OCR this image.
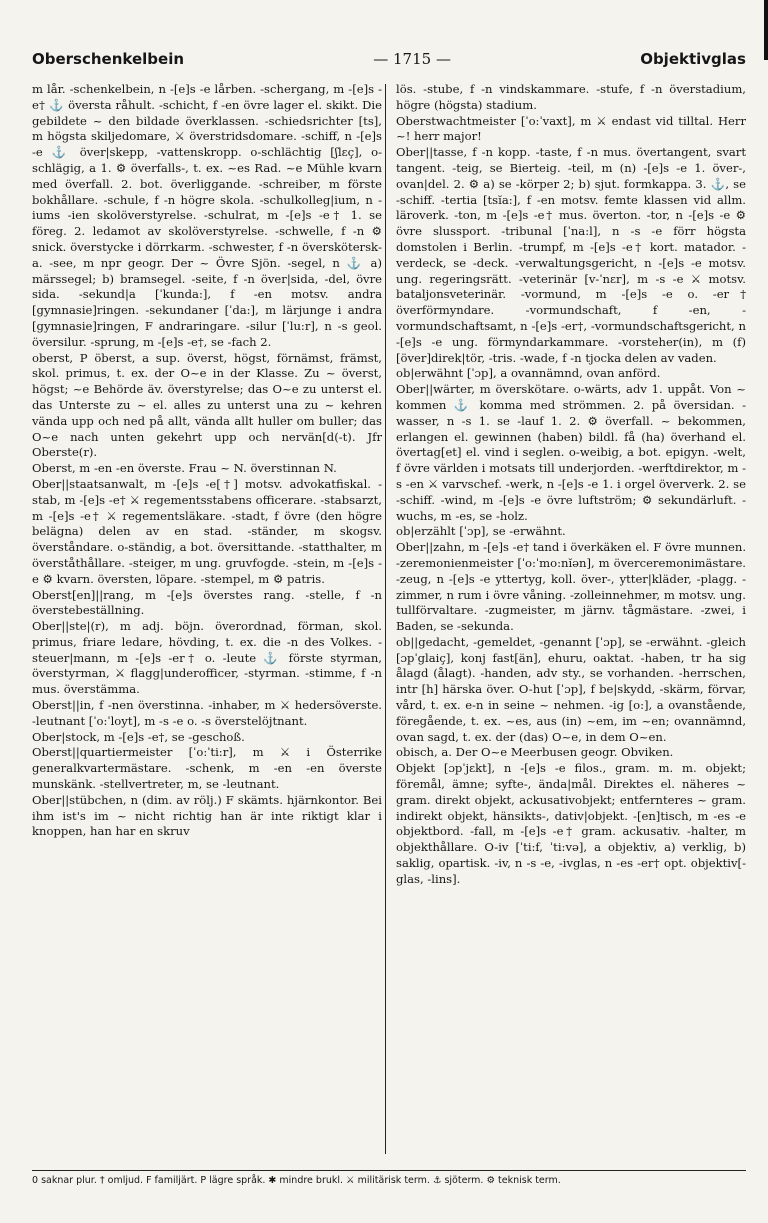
Oberschenkelbein	— 1715 —	Objektivglas

m lår. -schenkelbein, n -[e]s -e lårben. -schergang, m -[e]s -e† ⚓ översta råhult. -schicht, f -en övre lager el. skikt. Die gebildete ~ den bildade överklassen. -schiedsrichter [ts], m högsta skiljedomare, ⚔ överstridsdomare. -schiff, n -[e]s -e ⚓ över|skepp, -vattenskropp. o-schlächtig [ʃlɛç], o-schlägig, a 1. ⚙ överfalls-, t. ex. ~es Rad. ~e Mühle kvarn med överfall. 2. bot. överliggande. -schreiber, m förste bokhållare. -schule, f -n högre skola. -schulkolleg|ium, n -iums -ien skolöverstyrelse. -schulrat, m -[e]s -e† 1. se föreg. 2. ledamot av skolöverstyrelse. -schwelle, f -n ⚙ snick. överstycke i dörrkarm. -schwester, f -n översköterska. -see, m npr geogr. Der ~ Övre Sjön. -segel, n ⚓ a) märssegel; b) bramsegel. -seite, f -n över|sida, -del, övre sida. -sekund|a [ˈkunda:], f -en motsv. andra [gymnasie]ringen. -sekundaner [ˈda:], m lärjunge i andra [gymnasie]ringen, F andraringare. -silur [ˈlu:r], n -s geol. översilur. -sprung, m -[e]s -e†, se -fach 2.

oberst, P öberst, a sup. överst, högst, förnämst, främst, skol. primus, t. ex. der O~e in der Klasse. Zu ~ överst, högst; ~e Behörde äv. överstyrelse; das O~e zu unterst el. das Unterste zu ~ el. alles zu unterst una zu ~ kehren vända upp och ned på allt, vända allt huller om buller; das O~e nach unten gekehrt upp och nervän[d(-t). Jfr Oberste(r).

Oberst, m -en -en överste. Frau ~ N. överstinnan N.

Ober||staatsanwalt, m -[e]s -e[†] motsv. advokatfiskal. -stab, m -[e]s -e† ⚔ regementsstabens officerare. -stabsarzt, m -[e]s -e† ⚔ regementsläkare. -stadt, f övre (den högre belägna) delen av en stad. -ständer, m skogsv. överståndare. o-ständig, a bot. översittande. -statthalter, m överståthållare. -steiger, m ung. gruvfogde. -stein, m -[e]s -e ⚙ kvarn. översten, löpare. -stempel, m ⚙ patris.

Oberst[en]||rang, m -[e]s överstes rang. -stelle, f -n överstebeställning.

Ober||ste|(r), m adj. böjn. överordnad, förman, skol. primus, friare ledare, hövding, t. ex. die -n des Volkes. -steuer|mann, m -[e]s -er† o. -leute ⚓ förste styrman, överstyrman, ⚔ flagg|underofficer, -styrman. -stimme, f -n mus. överstämma.

Oberst||in, f -nen överstinna. -inhaber, m ⚔ hedersöverste. -leutnant [ˈo:ˈloyt], m -s -e o. -s överstelöjtnant.

Ober|stock, m -[e]s -e†, se -geschoß.

Oberst||quartiermeister [ˈo:ˈti:r], m ⚔ i Österrike generalkvartermästare. -schenk, m -en -en överste munskänk. -stellvertreter, m, se -leutnant.

Ober||stübchen, n (dim. av rölj.) F skämts. hjärnkontor. Bei ihm ist's im ~ nicht richtig han är inte riktigt klar i knoppen, han har en skruv

lös. -stube, f -n vindskammare. -stufe, f -n överstadium, högre (högsta) stadium.

Oberstwachtmeister [ˈo:ˈvaxt], m ⚔ endast vid tilltal. Herr ~! herr major!

Ober||tasse, f -n kopp. -taste, f -n mus. övertangent, svart tangent. -teig, se Bierteig. -teil, m (n) -[e]s -e 1. över-, ovan|del. 2. ⚙ a) se -körper 2; b) sjut. formkappa. 3. ⚓, se -schiff. -tertia [tsĭa:], f -en motsv. femte klassen vid allm. läroverk. -ton, m -[e]s -e† mus. överton. -tor, n -[e]s -e ⚙ övre slussport. -tribunal [ˈna:l], n -s -e förr högsta domstolen i Berlin. -trumpf, m -[e]s -e† kort. matador. -verdeck, se -deck. -verwaltungsgericht, n -[e]s -e motsv. ung. regeringsrätt. -veterinär [v-ˈnɛr], m -s -e ⚔ motsv. bataljonsveterinär. -vormund, m -[e]s -e o. -er† överförmyndare. -vormundschaft, f -en, -vormundschaftsamt, n -[e]s -er†, -vormundschaftsgericht, n -[e]s -e ung. förmyndarkammare. -vorsteher(in), m (f) [över]direk|tör, -tris. -wade, f -n tjocka delen av vaden.

ob|erwähnt [ˈɔp], a ovannämnd, ovan anförd.

Ober||wärter, m överskötare. o-wärts, adv 1. uppåt. Von ~ kommen ⚓ komma med strömmen. 2. på översidan. -wasser, n -s 1. se -lauf 1. 2. ⚙ överfall. ~ bekommen, erlangen el. gewinnen (haben) bildl. få (ha) överhand el. övertag[et] el. vind i seglen. o-weibig, a bot. epigyn. -welt, f övre världen i motsats till underjorden. -werftdirektor, m -s -en ⚔ varvschef. -werk, n -[e]s -e 1. i orgel öververk. 2. se -schiff. -wind, m -[e]s -e övre luftström; ⚙ sekundärluft. -wuchs, m -es, se -holz.

ob|erzählt [ˈɔp], se -erwähnt.

Ober||zahn, m -[e]s -e† tand i överkäken el. F övre munnen. -zeremonienmeister [ˈo:ˈmo:nĭən], m överceremonimästare. -zeug, n -[e]s -e yttertyg, koll. över-, ytter|kläder, -plagg. -zimmer, n rum i övre våning. -zolleinnehmer, m motsv. ung. tullförvaltare. -zugmeister, m järnv. tågmästare. -zwei, i Baden, se -sekunda.

ob||gedacht, -gemeldet, -genannt [ˈɔp], se -erwähnt. -gleich [ɔpˈglaiç], konj fast[än], ehuru, oaktat. -haben, tr ha sig ålagd (ålagt). -handen, adv sty., se vorhanden. -herrschen, intr [h] härska över. O-hut [ˈɔp], f be|skydd, -skärm, förvar, vård, t. ex. e-n in seine ~ nehmen. -ig [o:], a ovanstående, föregående, t. ex. ~es, aus (in) ~em, im ~en; ovannämnd, ovan sagd, t. ex. der (das) O~e, in dem O~en.

obisch, a. Der O~e Meerbusen geogr. Obviken.

Objekt [ɔpˈjɛkt], n -[e]s -e filos., gram. m. m. objekt; föremål, ämne; syfte-, ända|mål. Direktes el. näheres ~ gram. direkt objekt, ackusativobjekt; entfernteres ~ gram. indirekt objekt, hänsikts-, dativ|objekt. -[en]tisch, m -es -e objektbord. -fall, m -[e]s -e† gram. ackusativ. -halter, m objekthållare. O-iv [ˈti:f, ˈti:və], a objektiv, a) verklig, b) saklig, opartisk. -iv, n -s -e, -ivglas, n -es -er† opt. objektiv[-glas, -lins].

0 saknar plur. † omljud. F familjärt. P lägre språk. ✱ mindre brukl. ⚔ militärisk term. ⚓ sjöterm. ⚙ teknisk term.
